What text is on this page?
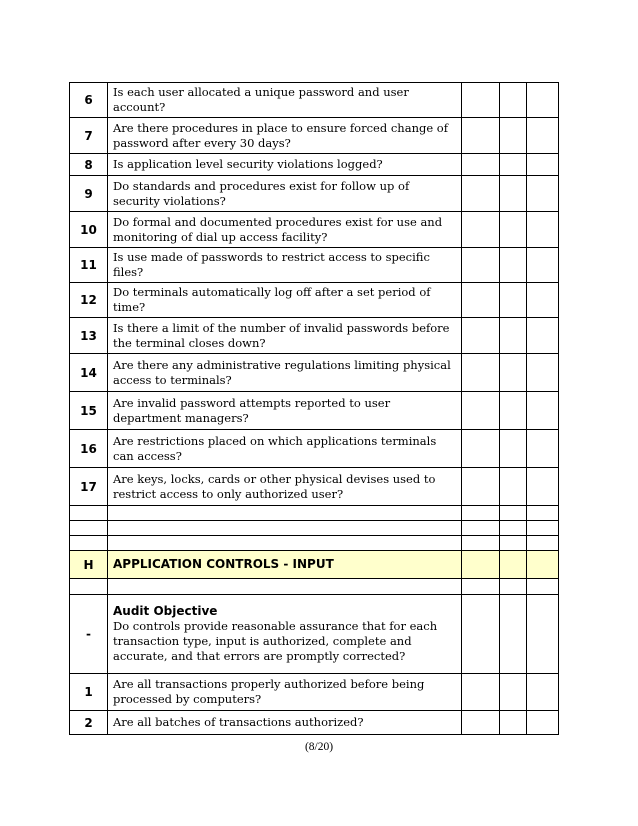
6	Is each user allocated a unique password and user account?			
7	Are there procedures in place to ensure forced change of password after every 30 days?			
8	Is application level security violations logged?			
9	Do standards and procedures exist for follow up of security violations?			
10	Do formal and documented procedures exist for use and monitoring of dial up access facility?			
11	Is use made of passwords to restrict access to specific files?			
12	Do terminals automatically log off after a set period of time?			
13	Is there a limit of the number of invalid passwords before the terminal closes down?			
14	Are there any administrative regulations limiting physical access to terminals?			
15	Are invalid password attempts reported to user department managers?			
16	Are restrictions placed on which applications terminals can access?			
17	Are keys, locks, cards or other physical devises used to restrict access to only authorized user?			

H	APPLICATION CONTROLS - INPUT			

-	Audit Objective
Do controls provide reasonable assurance that for each transaction type, input is authorized, complete and accurate, and that errors are promptly corrected?			
1	Are all transactions properly authorized before being processed by computers?			
2	Are all batches of transactions authorized?			
(8/20)
